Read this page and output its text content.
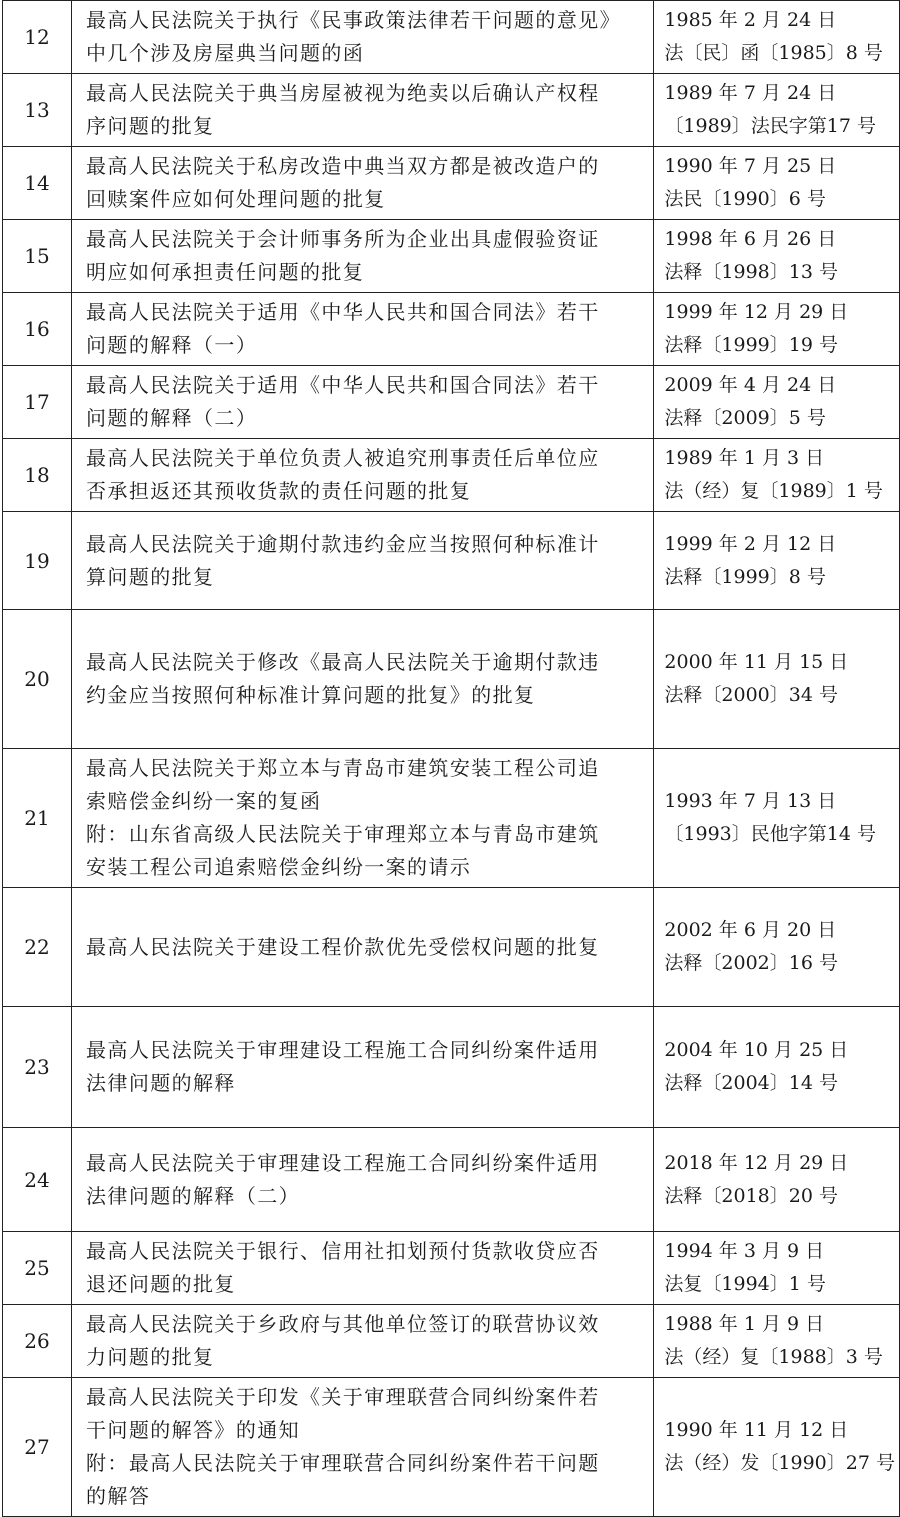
12	最高人民法院关于执行《民事政策法律若干问题的意见》
中几个涉及房屋典当问题的函	1985 年 2 月 24 日
法〔民〕函〔1985〕8 号

13	最高人民法院关于典当房屋被视为绝卖以后确认产权程
序问题的批复	1989 年 7 月 24 日
〔1989〕法民字第17 号

14	最高人民法院关于私房改造中典当双方都是被改造户的
回赎案件应如何处理问题的批复	1990 年 7 月 25 日
法民〔1990〕6 号

15	最高人民法院关于会计师事务所为企业出具虚假验资证
明应如何承担责任问题的批复	1998 年 6 月 26 日
法释〔1998〕13 号

16	最高人民法院关于适用《中华人民共和国合同法》若干
问题的解释（一）	1999 年 12 月 29 日
法释〔1999〕19 号

17	最高人民法院关于适用《中华人民共和国合同法》若干
问题的解释（二）	2009 年 4 月 24 日
法释〔2009〕5 号

18	最高人民法院关于单位负责人被追究刑事责任后单位应
否承担返还其预收货款的责任问题的批复	1989 年 1 月 3 日
法（经）复〔1989〕1 号

19	最高人民法院关于逾期付款违约金应当按照何种标准计
算问题的批复	1999 年 2 月 12 日
法释〔1999〕8 号

20	最高人民法院关于修改《最高人民法院关于逾期付款违
约金应当按照何种标准计算问题的批复》的批复	2000 年 11 月 15 日
法释〔2000〕34 号

21	最高人民法院关于郑立本与青岛市建筑安装工程公司追
索赔偿金纠纷一案的复函
附：山东省高级人民法院关于审理郑立本与青岛市建筑
安装工程公司追索赔偿金纠纷一案的请示	1993 年 7 月 13 日
〔1993〕民他字第14 号

22	最高人民法院关于建设工程价款优先受偿权问题的批复	2002 年 6 月 20 日
法释〔2002〕16 号

23	最高人民法院关于审理建设工程施工合同纠纷案件适用
法律问题的解释	2004 年 10 月 25 日
法释〔2004〕14 号

24	最高人民法院关于审理建设工程施工合同纠纷案件适用
法律问题的解释（二）	2018 年 12 月 29 日
法释〔2018〕20 号

25	最高人民法院关于银行、信用社扣划预付货款收贷应否
退还问题的批复	1994 年 3 月 9 日
法复〔1994〕1 号

26	最高人民法院关于乡政府与其他单位签订的联营协议效
力问题的批复	1988 年 1 月 9 日
法（经）复〔1988〕3 号

27	最高人民法院关于印发《关于审理联营合同纠纷案件若
干问题的解答》的通知
附：最高人民法院关于审理联营合同纠纷案件若干问题
的解答	1990 年 11 月 12 日
法（经）发〔1990〕27 号
